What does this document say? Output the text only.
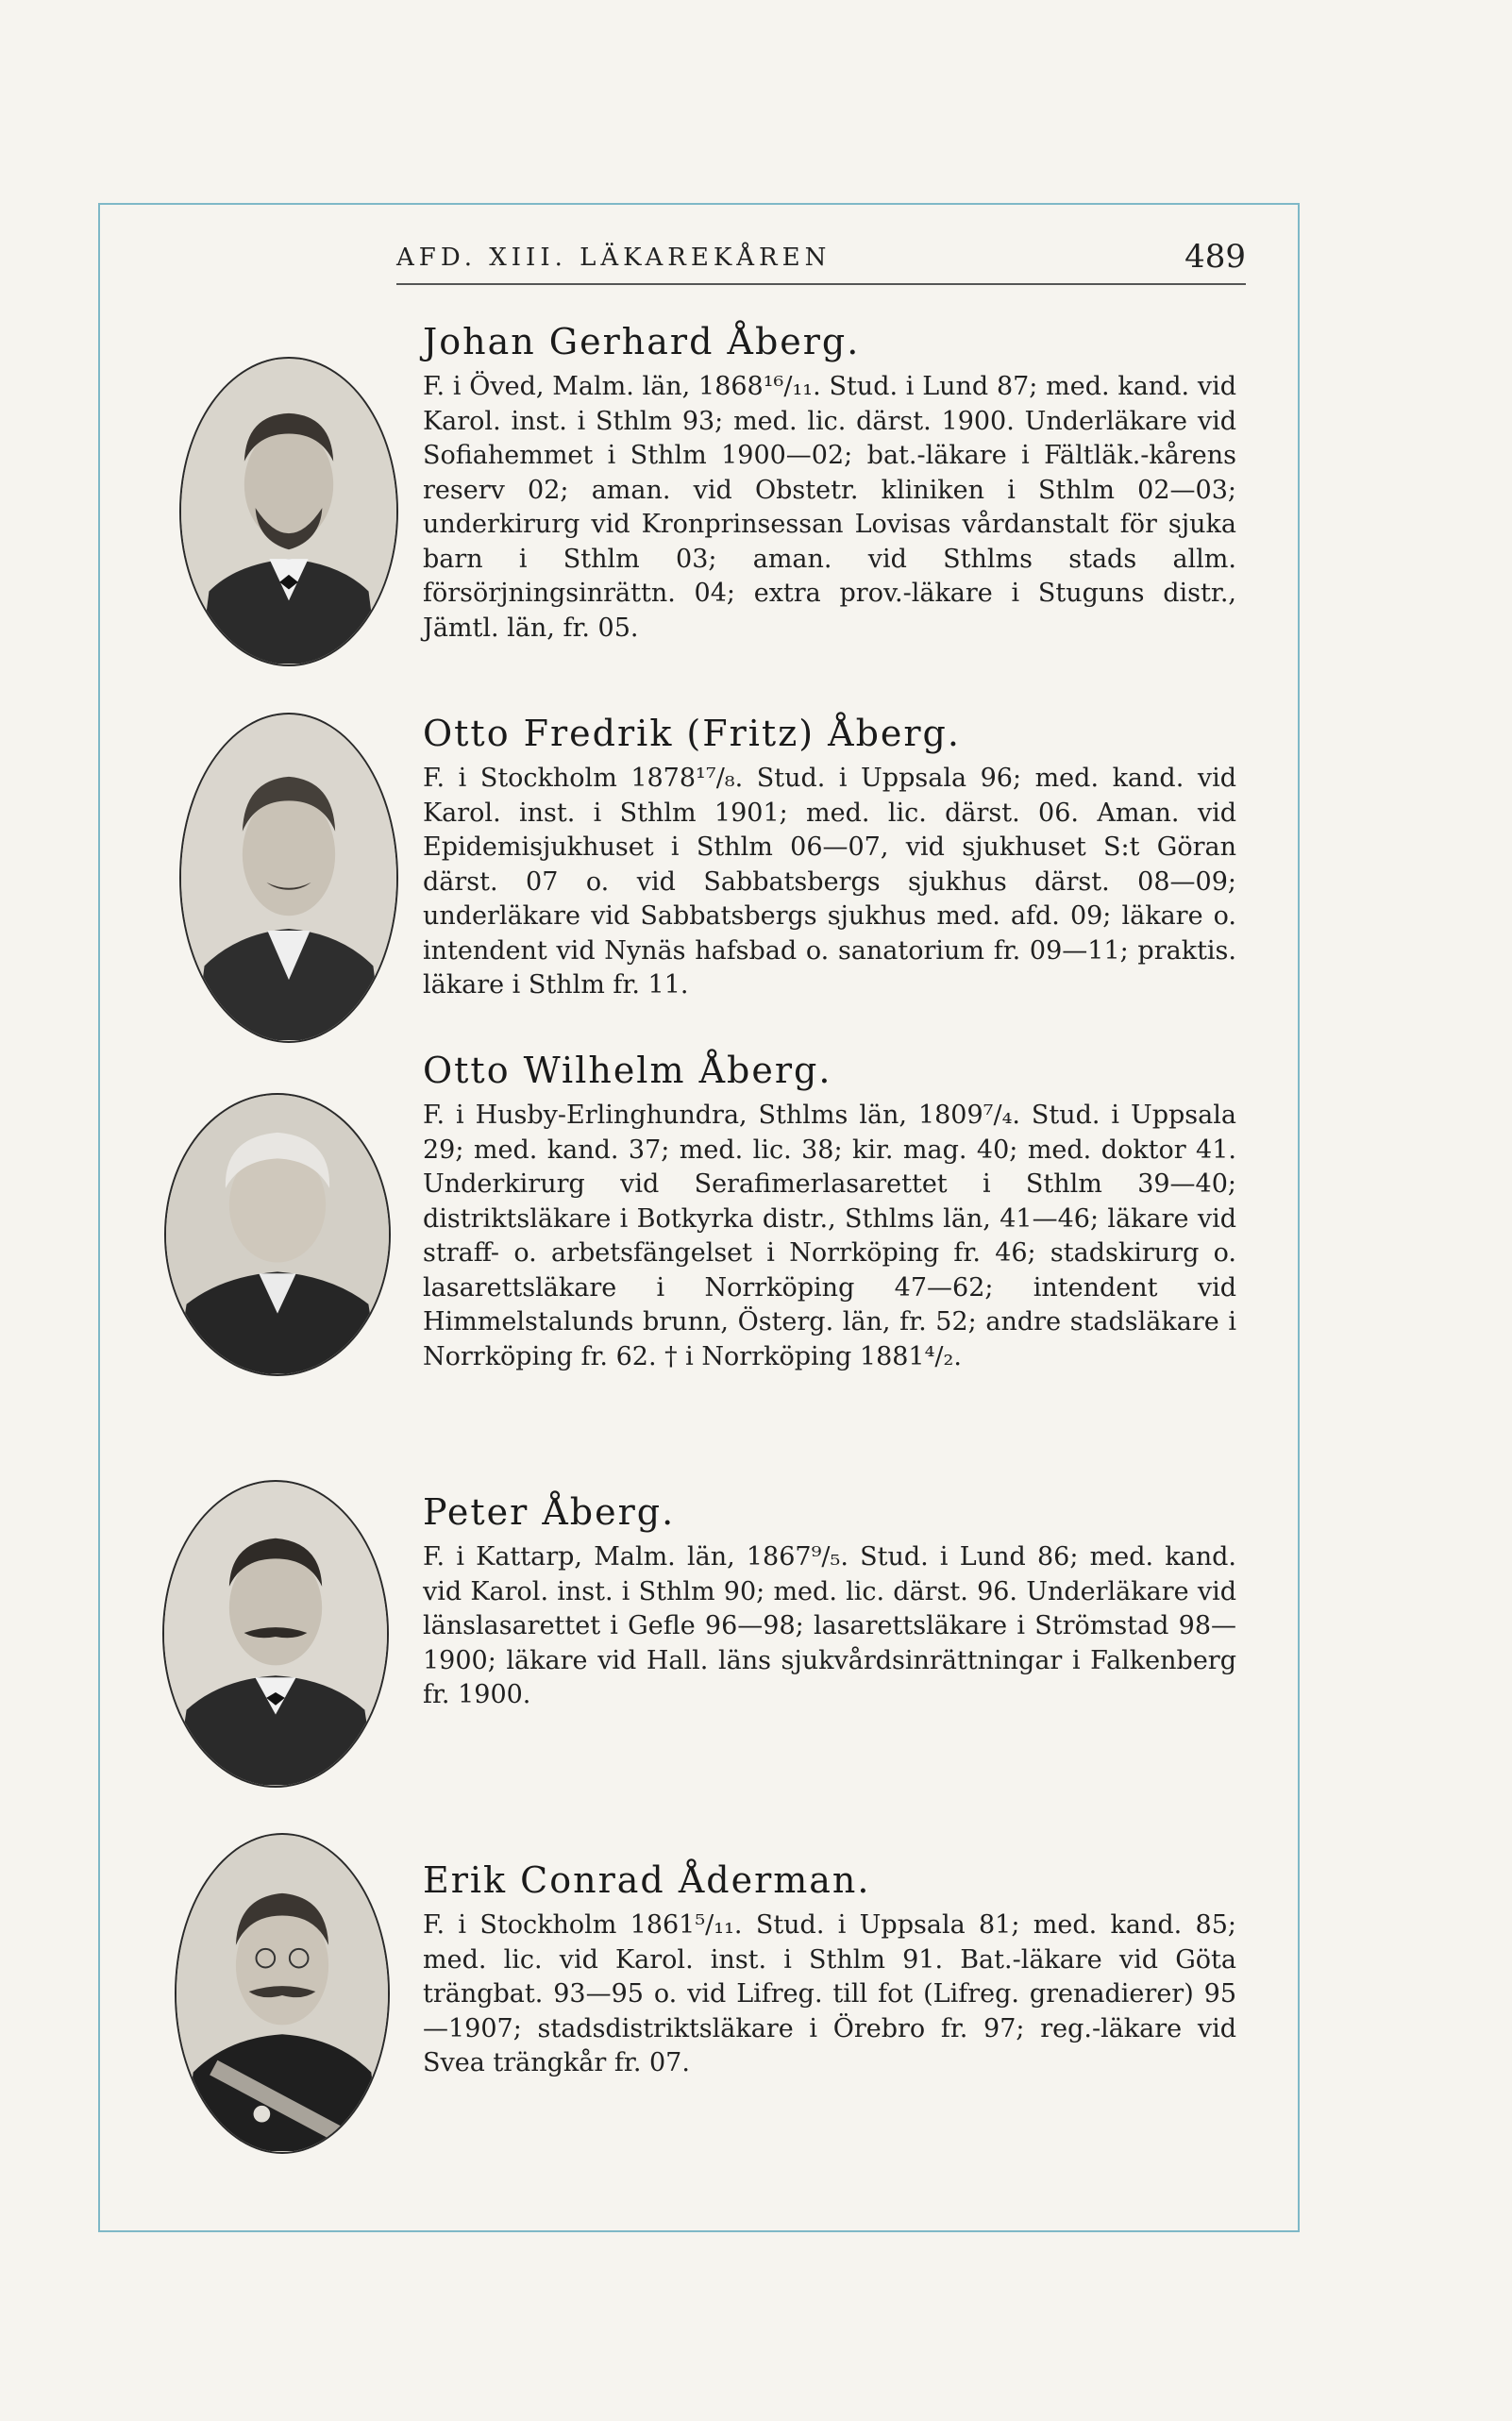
AFD. XIII. LÄKAREKÅREN	489
Johan Gerhard Åberg.

F. i Öved, Malm. län, 1868¹⁶/₁₁. Stud. i Lund 87; med. kand. vid Karol. inst. i Sthlm 93; med. lic. därst. 1900. Underläkare vid Sofiahemmet i Sthlm 1900—02; bat.-läkare i Fältläk.-kårens reserv 02; aman. vid Obstetr. kliniken i Sthlm 02—03; underkirurg vid Kronprinsessan Lovisas vårdanstalt för sjuka barn i Sthlm 03; aman. vid Sthlms stads allm. försörjningsinrättn. 04; extra prov.-läkare i Stuguns distr., Jämtl. län, fr. 05.

Otto Fredrik (Fritz) Åberg.

F. i Stockholm 1878¹⁷/₈. Stud. i Uppsala 96; med. kand. vid Karol. inst. i Sthlm 1901; med. lic. därst. 06. Aman. vid Epidemisjukhuset i Sthlm 06—07, vid sjukhuset S:t Göran därst. 07 o. vid Sabbatsbergs sjukhus därst. 08—09; underläkare vid Sabbatsbergs sjukhus med. afd. 09; läkare o. intendent vid Nynäs hafsbad o. sanatorium fr. 09—11; praktis. läkare i Sthlm fr. 11.

Otto Wilhelm Åberg.

F. i Husby-Erlinghundra, Sthlms län, 1809⁷/₄. Stud. i Uppsala 29; med. kand. 37; med. lic. 38; kir. mag. 40; med. doktor 41. Underkirurg vid Serafimerlasarettet i Sthlm 39—40; distriktsläkare i Botkyrka distr., Sthlms län, 41—46; läkare vid straff- o. arbetsfängelset i Norrköping fr. 46; stadskirurg o. lasarettsläkare i Norrköping 47—62; intendent vid Himmelstalunds brunn, Österg. län, fr. 52; andre stadsläkare i Norrköping fr. 62. † i Norrköping 1881⁴/₂.

Peter Åberg.

F. i Kattarp, Malm. län, 1867⁹/₅. Stud. i Lund 86; med. kand. vid Karol. inst. i Sthlm 90; med. lic. därst. 96. Underläkare vid länslasarettet i Gefle 96—98; lasarettsläkare i Strömstad 98—1900; läkare vid Hall. läns sjukvårdsinrättningar i Falkenberg fr. 1900.

Erik Conrad Åderman.

F. i Stockholm 1861⁵/₁₁. Stud. i Uppsala 81; med. kand. 85; med. lic. vid Karol. inst. i Sthlm 91. Bat.-läkare vid Göta trängbat. 93—95 o. vid Lifreg. till fot (Lifreg. grenadierer) 95—1907; stadsdistriktsläkare i Örebro fr. 97; reg.-läkare vid Svea trängkår fr. 07.
